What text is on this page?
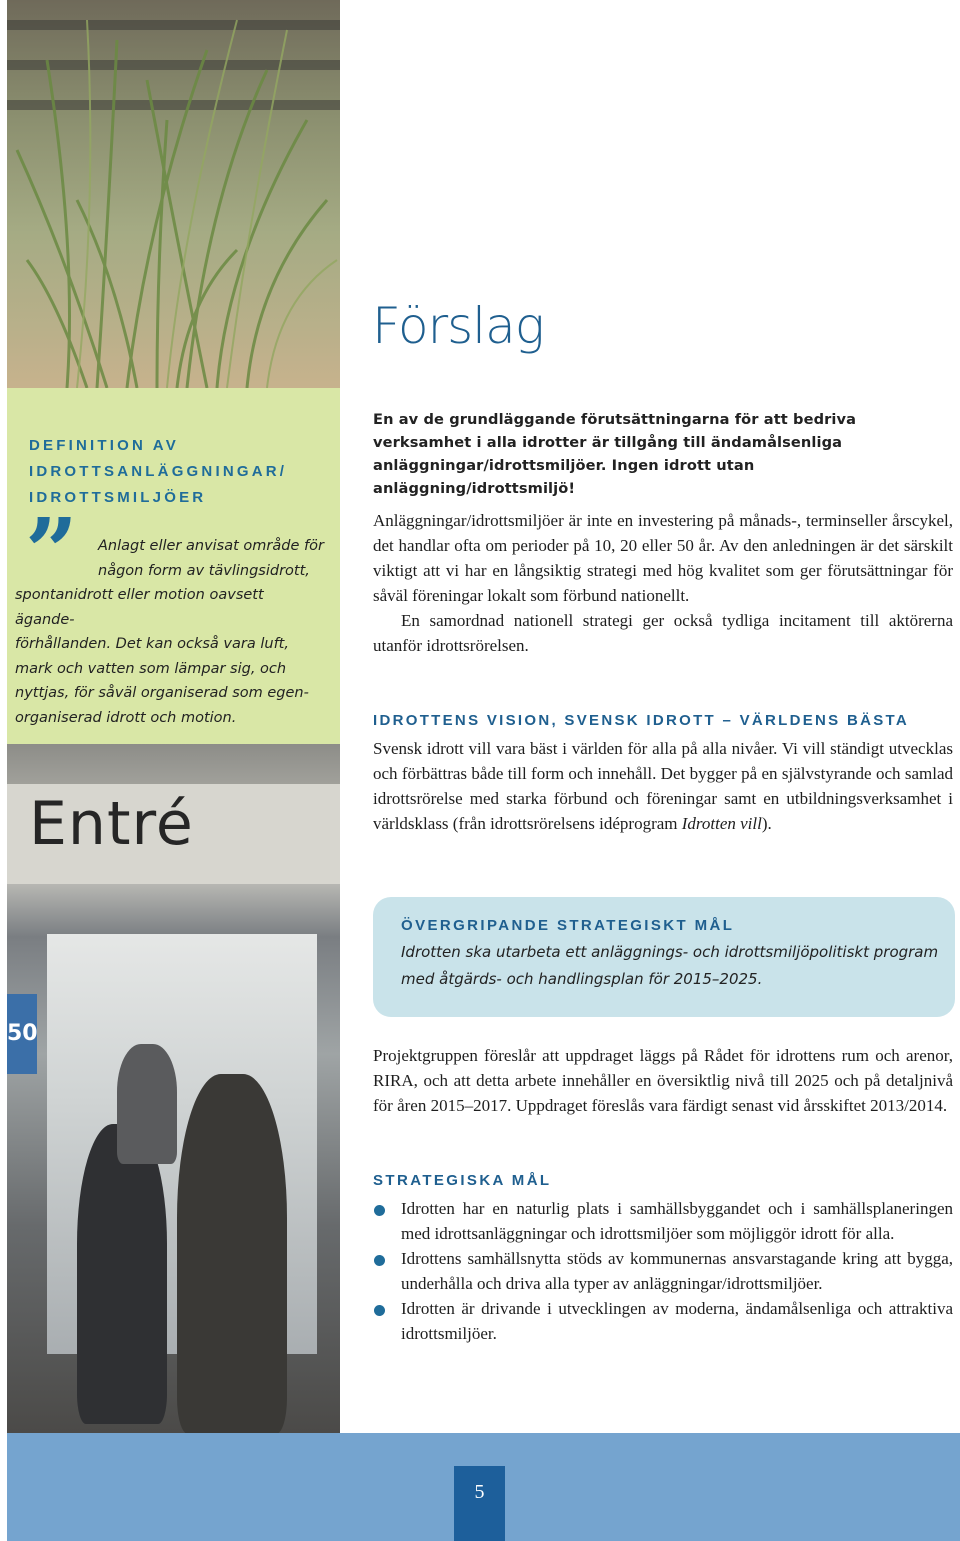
DEFINITION AV
IDROTTSANLÄGGNINGAR/
IDROTTSMILJÖER
” Anlagt eller anvisat område för
någon form av tävlingsidrott,
spontanidrott eller motion oavsett ägande-
förhållanden. Det kan också vara luft,
mark och vatten som lämpar sig, och
nyttjas, för såväl organiserad som egen-
organiserad idrott och motion.
Entré
50
Förslag
En av de grundläggande förutsättningarna för att bedriva verksamhet i alla idrotter är tillgång till ändamålsenliga anläggningar/idrottsmiljöer. Ingen idrott utan anläggning/idrottsmiljö!

Anläggningar/idrottsmiljöer är inte en investering på månads-, terminseller årscykel, det handlar ofta om perioder på 10, 20 eller 50 år. Av den anledningen är det särskilt viktigt att vi har en långsiktig strategi med hög kvalitet som ger förutsättningar för såväl föreningar lokalt som förbund nationellt.

En samordnad nationell strategi ger också tydliga incitament till aktörerna utanför idrottsrörelsen.

IDROTTENS VISION, SVENSK IDROTT – VÄRLDENS BÄSTA
Svensk idrott vill vara bäst i världen för alla på alla nivåer. Vi vill ständigt utvecklas och förbättras både till form och innehåll. Det bygger på en självstyrande och samlad idrottsrörelse med starka förbund och föreningar samt en utbildningsverksamhet i världsklass (från idrottsrörelsens idéprogram Idrotten vill).
ÖVERGRIPANDE STRATEGISKT MÅL
Idrotten ska utarbeta ett anläggnings- och idrottsmiljöpolitiskt program med åtgärds- och handlingsplan för 2015–2025.
Projektgruppen föreslår att uppdraget läggs på Rådet för idrottens rum och arenor, RIRA, och att detta arbete innehåller en översiktlig nivå till 2025 och på detaljnivå för åren 2015–2017. Uppdraget föreslås vara färdigt senast vid årsskiftet 2013/2014.
STRATEGISKA MÅL
Idrotten har en naturlig plats i samhällsbyggandet och i samhällsplaneringen med idrottsanläggningar och idrottsmiljöer som möjliggör idrott för alla.
Idrottens samhällsnytta stöds av kommunernas ansvarstagande kring att bygga, underhålla och driva alla typer av anläggningar/idrottsmiljöer.
Idrotten är drivande i utvecklingen av moderna, ändamålsenliga och attraktiva idrottsmiljöer.
5
